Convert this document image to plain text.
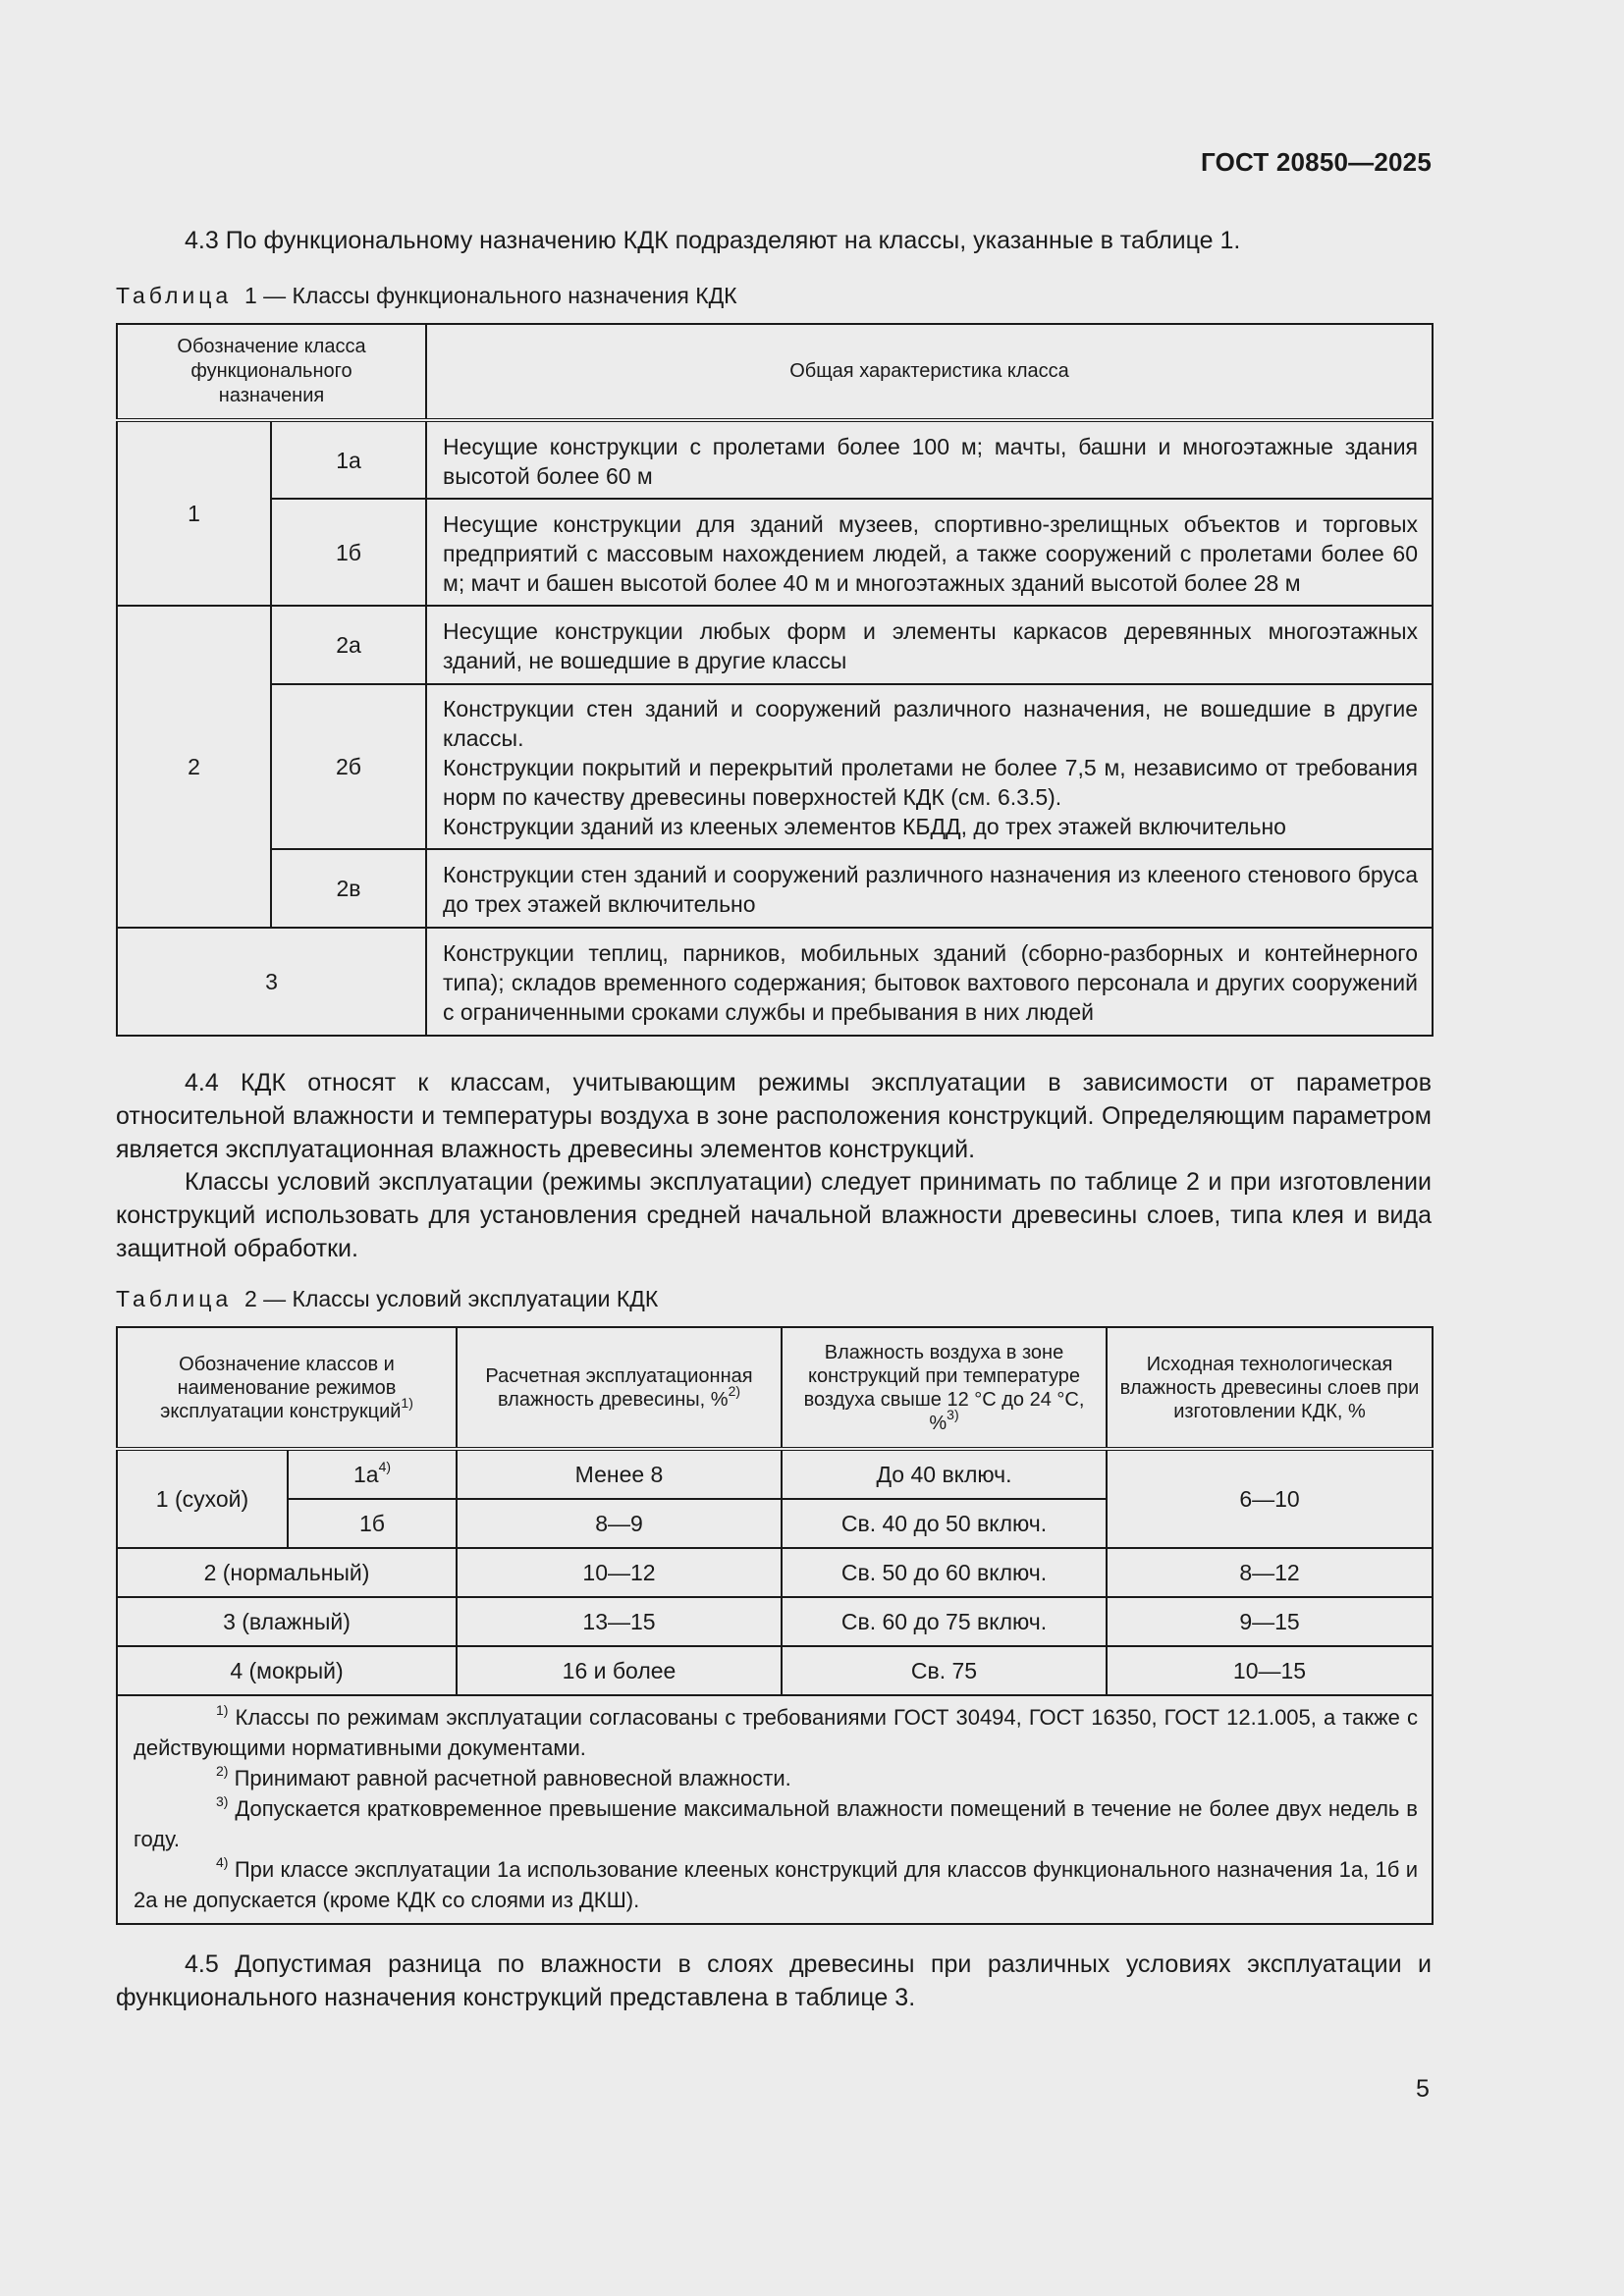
ГОСТ 20850—2025
4.3 По функциональному назначению КДК подразделяют на классы, указанные в таблице 1.
Таблица 1 — Классы функционального назначения КДК
Обозначение класса функционального назначения		Общая характеристика класса
1	1а	Несущие конструкции с пролетами более 100 м; мачты, башни и многоэтажные здания высотой более 60 м
	1б	Несущие конструкции для зданий музеев, спортивно-зрелищных объектов и торговых предприятий с массовым нахождением людей, а также сооружений с пролетами более 60 м; мачт и башен высотой более 40 м и многоэтажных зданий высотой более 28 м
2	2а	Несущие конструкции любых форм и элементы каркасов деревянных многоэтажных зданий, не вошедшие в другие классы
	2б	Конструкции стен зданий и сооружений различного назначения, не вошедшие в другие классы.
Конструкции покрытий и перекрытий пролетами не более 7,5 м, независимо от требования норм по качеству древесины поверхностей КДК (см. 6.3.5).
Конструкции зданий из клееных элементов КБДД, до трех этажей включительно
	2в	Конструкции стен зданий и сооружений различного назначения из клееного стенового бруса до трех этажей включительно
3		Конструкции теплиц, парников, мобильных зданий (сборно-разборных и контейнерного типа); складов временного содержания; бытовок вахтового персонала и других сооружений с ограниченными сроками службы и пребывания в них людей
4.4 КДК относят к классам, учитывающим режимы эксплуатации в зависимости от параметров относительной влажности и температуры воздуха в зоне расположения конструкций. Определяющим параметром является эксплуатационная влажность древесины элементов конструкций.
Классы условий эксплуатации (режимы эксплуатации) следует принимать по таблице 2 и при изготовлении конструкций использовать для установления средней начальной влажности древесины слоев, типа клея и вида защитной обработки.
Таблица 2 — Классы условий эксплуатации КДК
Обозначение классов и наименование режимов эксплуатации конструкций$^{1)}$		Расчетная эксплуатационная влажность древесины, %$^{2)}$	Влажность воздуха в зоне конструкций при температуре воздуха свыше 12 °С до 24 °С, %$^{3)}$	Исходная технологическая влажность древесины слоев при изготовлении КДК, %
1 (сухой)	$1а^{4)}$	Менее 8	До 40 включ.	6—10
	1б	8—9	Св. 40 до 50 включ.	
2 (нормальный)		10—12	Св. 50 до 60 включ.	8—12
3 (влажный)		13—15	Св. 60 до 75 включ.	9—15
4 (мокрый)		16 и более	Св. 75	10—15

$^{1)}$ Классы по режимам эксплуатации согласованы с требованиями ГОСТ 30494, ГОСТ 16350, ГОСТ 12.1.005, а также с действующими нормативными документами.
$^{2)}$ Принимают равной расчетной равновесной влажности.
$^{3)}$ Допускается кратковременное превышение максимальной влажности помещений в течение не более двух недель в году.
$^{4)}$ При классе эксплуатации 1а использование клееных конструкций для классов функционального назначения 1а, 1б и 2а не допускается (кроме КДК со слоями из ДКШ).				
4.5 Допустимая разница по влажности в слоях древесины при различных условиях эксплуатации и функционального назначения конструкций представлена в таблице 3.
5
